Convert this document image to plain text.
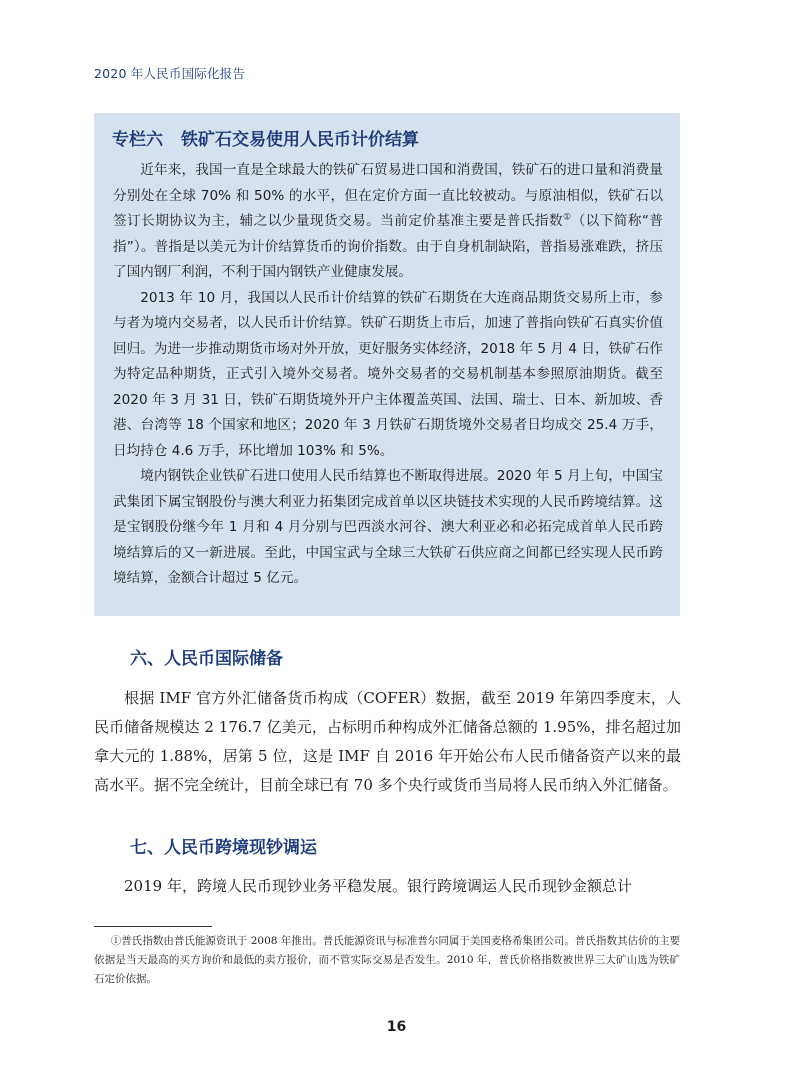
2020 年人民币国际化报告
专栏六 铁矿石交易使用人民币计价结算

近年来，我国一直是全球最大的铁矿石贸易进口国和消费国，铁矿石的进口量和消费量分别处在全球 70% 和 50% 的水平，但在定价方面一直比较被动。与原油相似，铁矿石以签订长期协议为主，辅之以少量现货交易。当前定价基准主要是普氏指数①（以下简称“普指”）。普指是以美元为计价结算货币的询价指数。由于自身机制缺陷，普指易涨难跌，挤压了国内钢厂利润，不利于国内钢铁产业健康发展。

2013 年 10 月，我国以人民币计价结算的铁矿石期货在大连商品期货交易所上市，参与者为境内交易者，以人民币计价结算。铁矿石期货上市后，加速了普指向铁矿石真实价值回归。为进一步推动期货市场对外开放，更好服务实体经济，2018 年 5 月 4 日，铁矿石作为特定品种期货，正式引入境外交易者。境外交易者的交易机制基本参照原油期货。截至 2020 年 3 月 31 日，铁矿石期货境外开户主体覆盖英国、法国、瑞士、日本、新加坡、香港、台湾等 18 个国家和地区；2020 年 3 月铁矿石期货境外交易者日均成交 25.4 万手，日均持仓 4.6 万手，环比增加 103% 和 5%。

境内钢铁企业铁矿石进口使用人民币结算也不断取得进展。2020 年 5 月上旬，中国宝武集团下属宝钢股份与澳大利亚力拓集团完成首单以区块链技术实现的人民币跨境结算。这是宝钢股份继今年 1 月和 4 月分别与巴西淡水河谷、澳大利亚必和必拓完成首单人民币跨境结算后的又一新进展。至此，中国宝武与全球三大铁矿石供应商之间都已经实现人民币跨境结算，金额合计超过 5 亿元。

六、人民币国际储备

根据 IMF 官方外汇储备货币构成（COFER）数据，截至 2019 年第四季度末，人民币储备规模达 2 176.7 亿美元，占标明币种构成外汇储备总额的 1.95%，排名超过加拿大元的 1.88%，居第 5 位，这是 IMF 自 2016 年开始公布人民币储备资产以来的最高水平。据不完全统计，目前全球已有 70 多个央行或货币当局将人民币纳入外汇储备。

七、人民币跨境现钞调运

2019 年，跨境人民币现钞业务平稳发展。银行跨境调运人民币现钞金额总计

①普氏指数由普氏能源资讯于 2008 年推出。普氏能源资讯与标准普尔同属于美国麦格希集团公司。普氏指数其估价的主要依据是当天最高的买方询价和最低的卖方报价，而不管实际交易是否发生。2010 年，普氏价格指数被世界三大矿山选为铁矿石定价依据。

16
